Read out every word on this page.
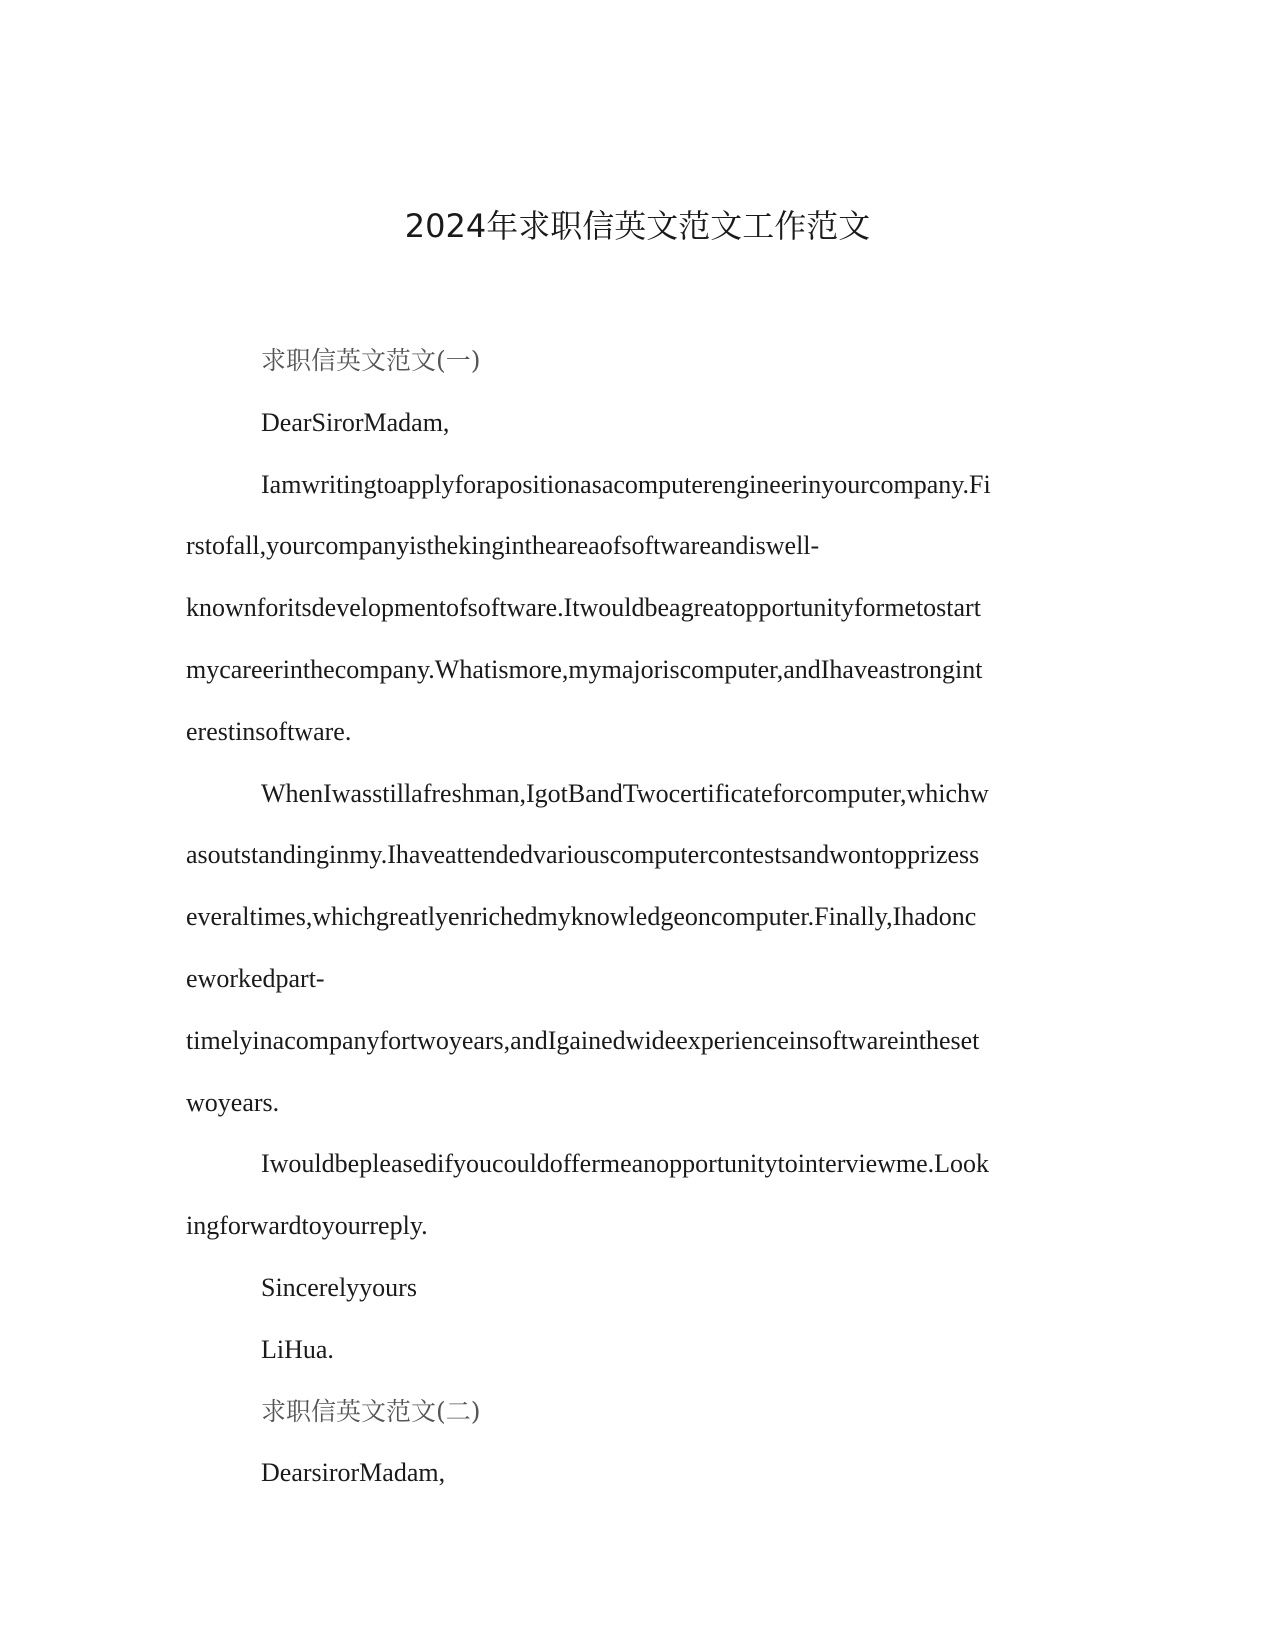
2024年求职信英文范文工作范文
求职信英文范文(一)
DearSirorMadam,
Iamwritingtoapplyforapositionasacomputerengineerinyourcompany.Fi
rstofall,yourcompanyisthekingintheareaofsoftwareandiswell-
knownforitsdevelopmentofsoftware.Itwouldbeagreatopportunityformetostart
mycareerinthecompany.Whatismore,mymajoriscomputer,andIhaveastrongint
erestinsoftware.
WhenIwasstillafreshman,IgotBandTwocertificateforcomputer,whichw
asoutstandinginmy.Ihaveattendedvariouscomputercontestsandwontopprizess
everaltimes,whichgreatlyenrichedmyknowledgeoncomputer.Finally,Ihadonc
eworkedpart-
timelyinacompanyfortwoyears,andIgainedwideexperienceinsoftwareintheset
woyears.
Iwouldbepleasedifyoucouldoffermeanopportunitytointerviewme.Look
ingforwardtoyourreply.
Sincerelyyours
LiHua.
求职信英文范文(二)
DearsirorMadam,
